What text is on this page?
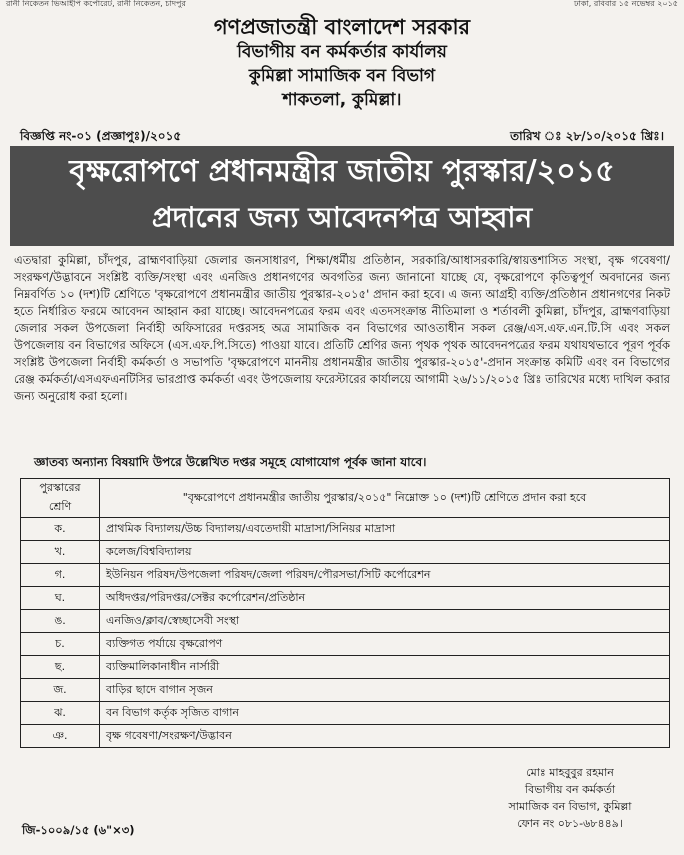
রানী নিকেতন ভিআইপি কর্পোরেট, রানী নিকেতন, চাঁদপুর	ঢাকা, রবিবার ১৫ নভেম্বর ২০১৫
গণপ্রজাতন্ত্রী বাংলাদেশ সরকার
বিভাগীয় বন কর্মকর্তার কার্যালয়
কুমিল্লা সামাজিক বন বিভাগ
শাকতলা, কুমিল্লা।
বিজ্ঞপ্তি নং-০১ (প্রজ্ঞাপুঃ)/২০১৫	তারিখ ঃ ২৮/১০/২০১৫ খ্রিঃ।
বৃক্ষরোপণে প্রধানমন্ত্রীর জাতীয় পুরস্কার/২০১৫
প্রদানের জন্য আবেদনপত্র আহ্বান
এতদ্বারা কুমিল্লা, চাঁদপুর, ব্রাহ্মণবাড়িয়া জেলার জনসাধারণ, শিক্ষা/ধর্মীয় প্রতিষ্ঠান, সরকারি/আধাসরকারি/স্বায়ত্তশাসিত সংস্থা, বৃক্ষ গবেষণা/সংরক্ষণ/উদ্ভাবনে সংশ্লিষ্ট ব্যক্তি/সংস্থা এবং এনজিও প্রধানগণের অবগতির জন্য জানানো যাচ্ছে যে, বৃক্ষরোপণে কৃতিত্বপূর্ণ অবদানের জন্য নিম্নবর্ণিত ১০ (দশ)টি শ্রেণিতে 'বৃক্ষরোপণে প্রধানমন্ত্রীর জাতীয় পুরস্কার-২০১৫' প্রদান করা হবে। এ জন্য আগ্রহী ব্যক্তি/প্রতিষ্ঠান প্রধানগণের নিকট হতে নির্ধারিত ফরমে আবেদন আহ্বান করা যাচ্ছে। আবেদনপত্রের ফরম এবং এতদসংক্রান্ত নীতিমালা ও শর্তাবলী কুমিল্লা, চাঁদপুর, ব্রাহ্মণবাড়িয়া জেলার সকল উপজেলা নির্বাহী অফিসারের দপ্তরসহ অত্র সামাজিক বন বিভাগের আওতাধীন সকল রেঞ্জ/এস.এফ.এন.টি.সি এবং সকল উপজেলায় বন বিভাগের অফিসে (এস.এফ.পি.সিতে) পাওয়া যাবে। প্রতিটি শ্রেণির জন্য পৃথক পৃথক আবেদনপত্রের ফরম যথাযথভাবে পূরণ পূর্বক সংশ্লিষ্ট উপজেলা নির্বাহী কর্মকর্তা ও সভাপতি 'বৃক্ষরোপণে মাননীয় প্রধানমন্ত্রীর জাতীয় পুরস্কার-২০১৫'-প্রদান সংক্রান্ত কমিটি এবং বন বিভাগের রেঞ্জ কর্মকর্তা/এসএফএনটিসির ভারপ্রাপ্ত কর্মকর্তা এবং উপজেলায় ফরেস্টারের কার্যালয়ে আগামী ২৬/১১/২০১৫ খ্রিঃ তারিখের মধ্যে দাখিল করার জন্য অনুরোধ করা হলো।
জ্ঞাতব্য অন্যান্য বিষয়াদি উপরে উল্লেখিত দপ্তর সমূহে যোগাযোগ পূর্বক জানা যাবে।
পুরস্কারের শ্রেণি	"বৃক্ষরোপণে প্রধানমন্ত্রীর জাতীয় পুরস্কার/২০১৫" নিম্নোক্ত ১০ (দশ)টি শ্রেণিতে প্রদান করা হবে
ক.	প্রাথমিক বিদ্যালয়/উচ্চ বিদ্যালয়/এবতেদায়ী মাদ্রাসা/সিনিয়র মাদ্রাসা
খ.	কলেজ/বিশ্ববিদ্যালয়
গ.	ইউনিয়ন পরিষদ/উপজেলা পরিষদ/জেলা পরিষদ/পৌরসভা/সিটি কর্পোরেশন
ঘ.	অধিদপ্তর/পরিদপ্তর/সেক্টর কর্পোরেশন/প্রতিষ্ঠান
ঙ.	এনজিও/ক্লাব/স্বেচ্ছাসেবী সংস্থা
চ.	ব্যক্তিগত পর্যায়ে বৃক্ষরোপণ
ছ.	ব্যক্তিমালিকানাধীন নার্সারী
জ.	বাড়ির ছাদে বাগান সৃজন
ঝ.	বন বিভাগ কর্তৃক সৃজিত বাগান
ঞ.	বৃক্ষ গবেষণা/সংরক্ষণ/উদ্ভাবন
মোঃ মাহবুবুর রহমান
বিভাগীয় বন কর্মকর্তা
সামাজিক বন বিভাগ, কুমিল্লা
ফোন নং ০৮১-৬৮৪৪৯।
জি-১০০৯/১৫ (৬"×৩)
